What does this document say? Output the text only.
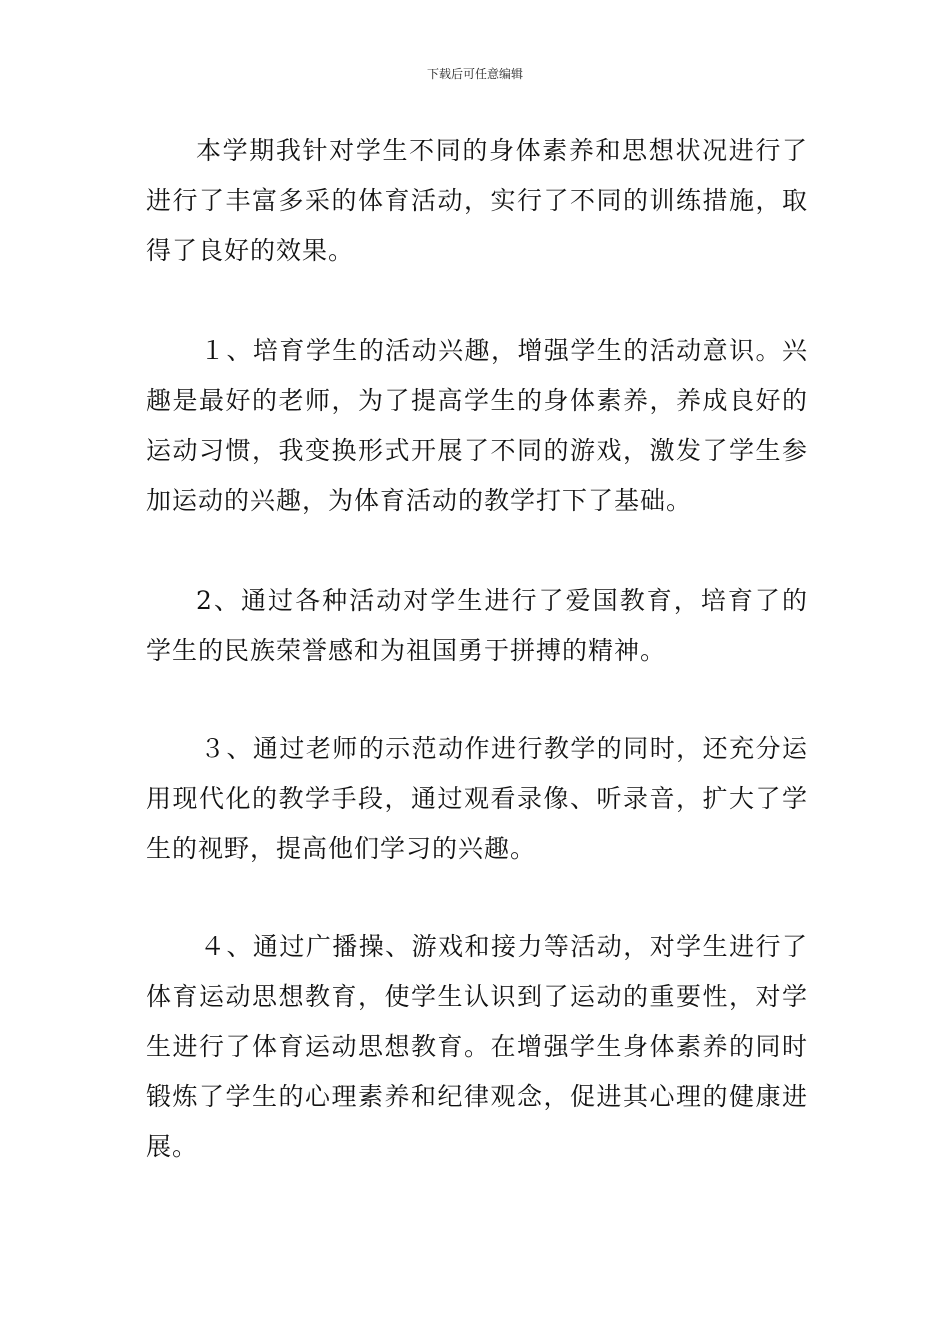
下载后可任意编辑

本学期我针对学生不同的身体素养和思想状况进行了进行了丰富多采的体育活动，实行了不同的训练措施，取得了良好的效果。

１、培育学生的活动兴趣，增强学生的活动意识。兴趣是最好的老师，为了提高学生的身体素养，养成良好的运动习惯，我变换形式开展了不同的游戏，激发了学生参加运动的兴趣，为体育活动的教学打下了基础。

2、通过各种活动对学生进行了爱国教育，培育了的学生的民族荣誉感和为祖国勇于拼搏的精神。

３、通过老师的示范动作进行教学的同时，还充分运用现代化的教学手段，通过观看录像、听录音，扩大了学生的视野，提高他们学习的兴趣。

４、通过广播操、游戏和接力等活动，对学生进行了体育运动思想教育，使学生认识到了运动的重要性，对学生进行了体育运动思想教育。在增强学生身体素养的同时锻炼了学生的心理素养和纪律观念，促进其心理的健康进展。
